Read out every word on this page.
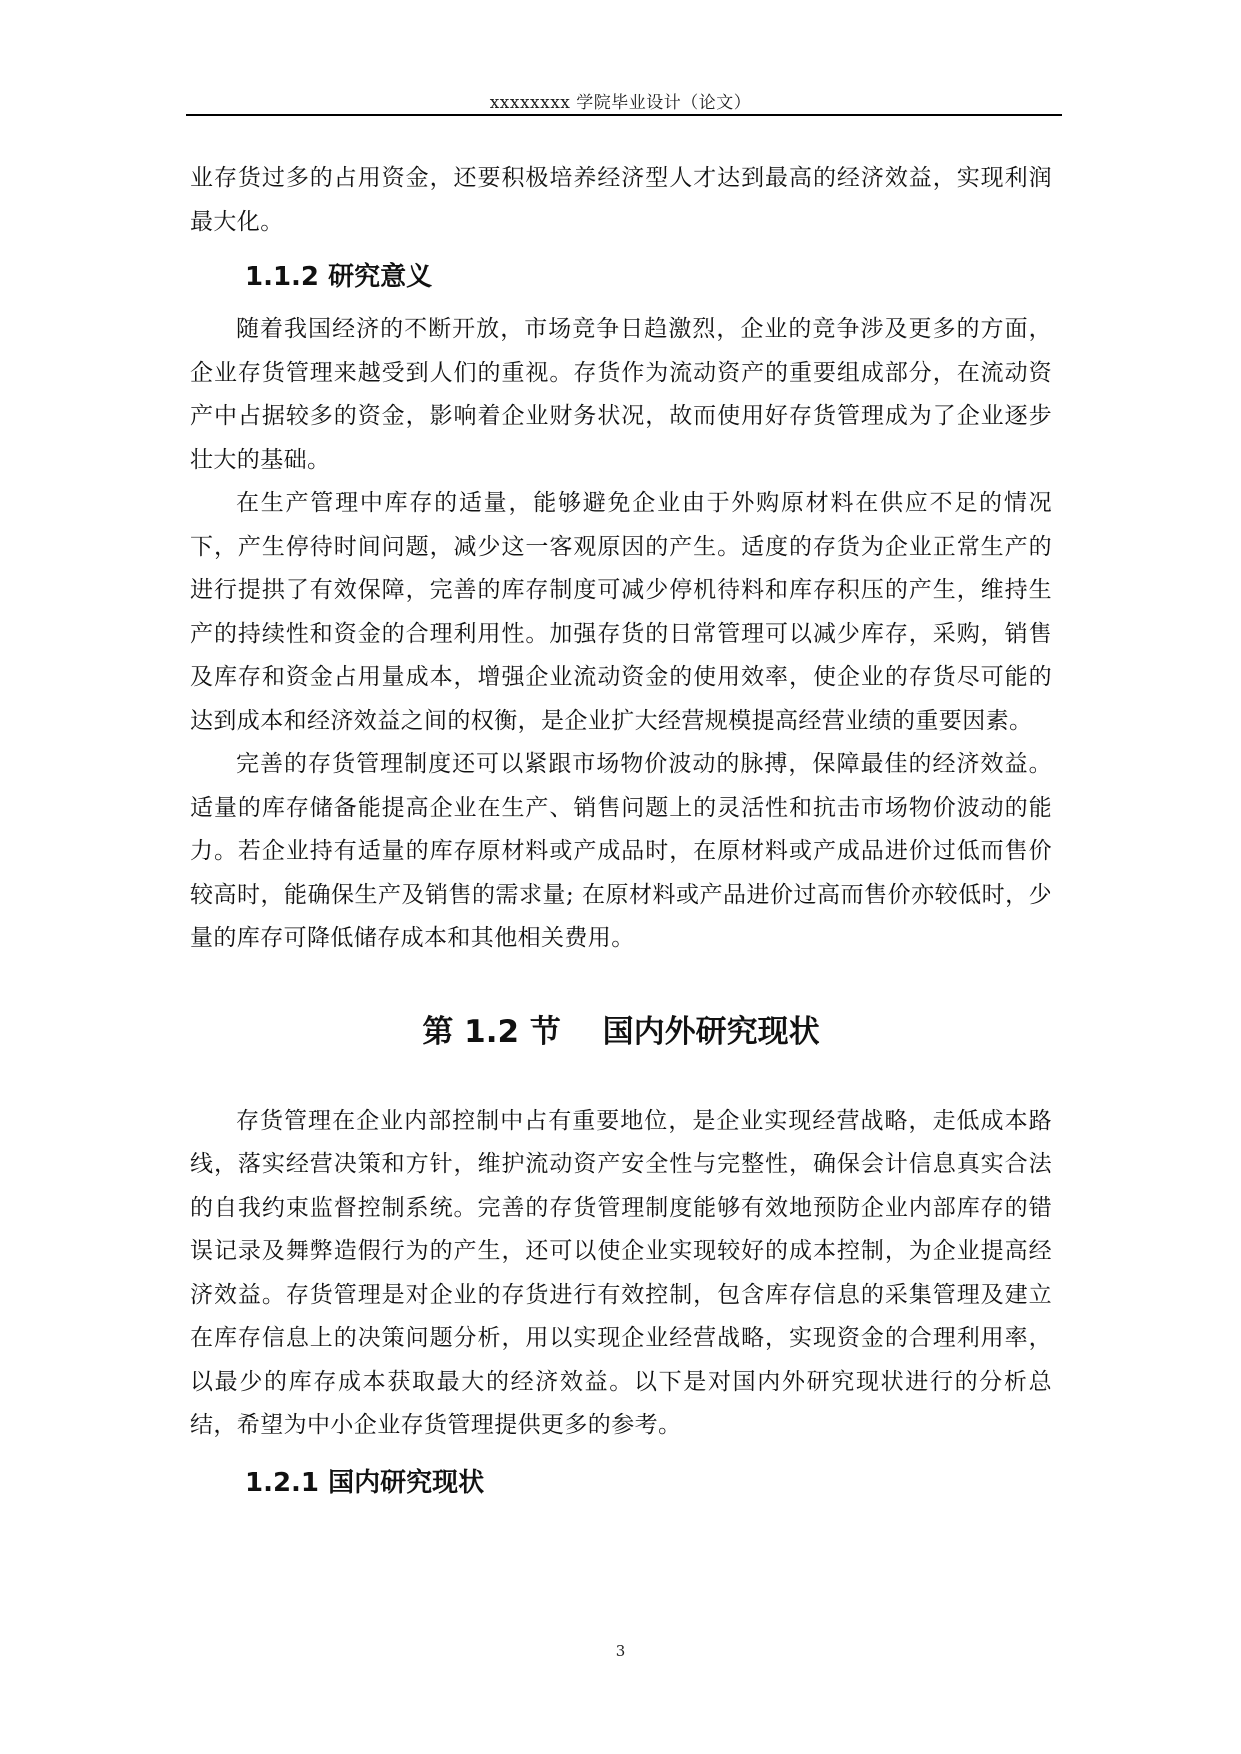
xxxxxxxx 学院毕业设计（论文）

业存货过多的占用资金，还要积极培养经济型人才达到最高的经济效益，实现利润最大化。

1.1.2 研究意义

随着我国经济的不断开放，市场竞争日趋激烈，企业的竞争涉及更多的方面，企业存货管理来越受到人们的重视。存货作为流动资产的重要组成部分，在流动资产中占据较多的资金，影响着企业财务状况，故而使用好存货管理成为了企业逐步壮大的基础。

在生产管理中库存的适量，能够避免企业由于外购原材料在供应不足的情况下，产生停待时间问题，减少这一客观原因的产生。适度的存货为企业正常生产的进行提拱了有效保障，完善的库存制度可减少停机待料和库存积压的产生，维持生产的持续性和资金的合理利用性。加强存货的日常管理可以减少库存，采购，销售及库存和资金占用量成本，增强企业流动资金的使用效率，使企业的存货尽可能的达到成本和经济效益之间的权衡，是企业扩大经营规模提高经营业绩的重要因素。

完善的存货管理制度还可以紧跟市场物价波动的脉搏，保障最佳的经济效益。适量的库存储备能提高企业在生产、销售问题上的灵活性和抗击市场物价波动的能力。若企业持有适量的库存原材料或产成品时，在原材料或产成品进价过低而售价较高时，能确保生产及销售的需求量; 在原材料或产品进价过高而售价亦较低时，少量的库存可降低储存成本和其他相关费用。

第 1.2 节　 国内外研究现状

存货管理在企业内部控制中占有重要地位，是企业实现经营战略，走低成本路线，落实经营决策和方针，维护流动资产安全性与完整性，确保会计信息真实合法的自我约束监督控制系统。完善的存货管理制度能够有效地预防企业内部库存的错误记录及舞弊造假行为的产生，还可以使企业实现较好的成本控制，为企业提高经济效益。存货管理是对企业的存货进行有效控制，包含库存信息的采集管理及建立在库存信息上的决策问题分析，用以实现企业经营战略，实现资金的合理利用率，以最少的库存成本获取最大的经济效益。以下是对国内外研究现状进行的分析总结，希望为中小企业存货管理提供更多的参考。

1.2.1 国内研究现状
3
